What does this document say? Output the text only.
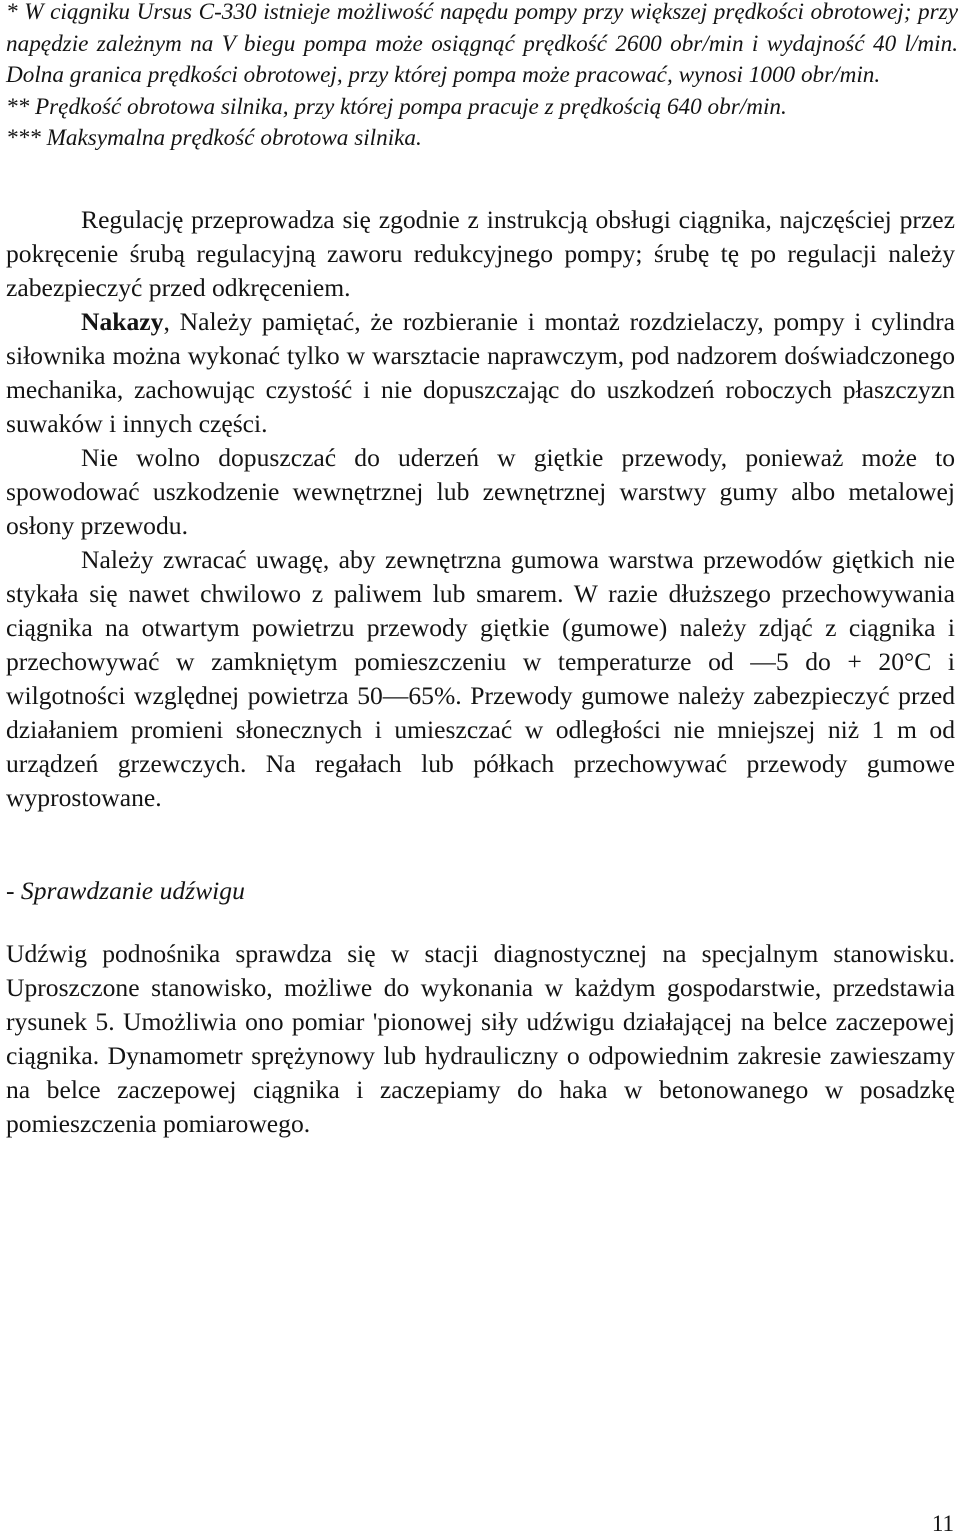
* W ciągniku Ursus C-330 istnieje możliwość napędu pompy przy większej prędkości obrotowej; przy napędzie zależnym na V biegu pompa może osiągnąć prędkość 2600 obr/min i wydajność 40 l/min. Dolna granica prędkości obrotowej, przy której pompa może pracować, wynosi 1000 obr/min.

** Prędkość obrotowa silnika, przy której pompa pracuje z prędkością 640 obr/min.

*** Maksymalna prędkość obrotowa silnika.

Regulację przeprowadza się zgodnie z instrukcją obsługi ciągnika, najczęściej przez pokręcenie śrubą regulacyjną zaworu redukcyjnego pompy; śrubę tę po regulacji należy zabezpieczyć przed odkręceniem.

Nakazy, Należy pamiętać, że rozbieranie i montaż rozdzielaczy, pompy i cylindra siłownika można wykonać tylko w warsztacie naprawczym, pod nadzorem doświadczonego mechanika, zachowując czystość i nie dopuszczając do uszkodzeń roboczych płaszczyzn suwaków i innych części.

Nie wolno dopuszczać do uderzeń w giętkie przewody, ponieważ może to spowodować uszkodzenie wewnętrznej lub zewnętrznej warstwy gumy albo metalowej osłony przewodu.

Należy zwracać uwagę, aby zewnętrzna gumowa warstwa przewodów giętkich nie stykała się nawet chwilowo z paliwem lub smarem. W razie dłuższego przechowywania ciągnika na otwartym powietrzu przewody giętkie (gumowe) należy zdjąć z ciągnika i przechowywać w zamkniętym pomieszczeniu w temperaturze od —5 do + 20°C i wilgotności względnej powietrza 50—65%. Przewody gumowe należy zabezpieczyć przed działaniem promieni słonecznych i umieszczać w odległości nie mniejszej niż 1 m od urządzeń grzewczych. Na regałach lub półkach przechowywać przewody gumowe wyprostowane.

- Sprawdzanie udźwigu

Udźwig podnośnika sprawdza się w stacji diagnostycznej na specjalnym stanowisku. Uproszczone stanowisko, możliwe do wykonania w każdym gospodarstwie, przedstawia rysunek 5. Umożliwia ono pomiar 'pionowej siły udźwigu działającej na belce zaczepowej ciągnika. Dynamometr sprężynowy lub hydrauliczny o odpowiednim zakresie zawieszamy na belce zaczepowej ciągnika i zaczepiamy do haka w betonowanego w posadzkę pomieszczenia pomiarowego.

11
